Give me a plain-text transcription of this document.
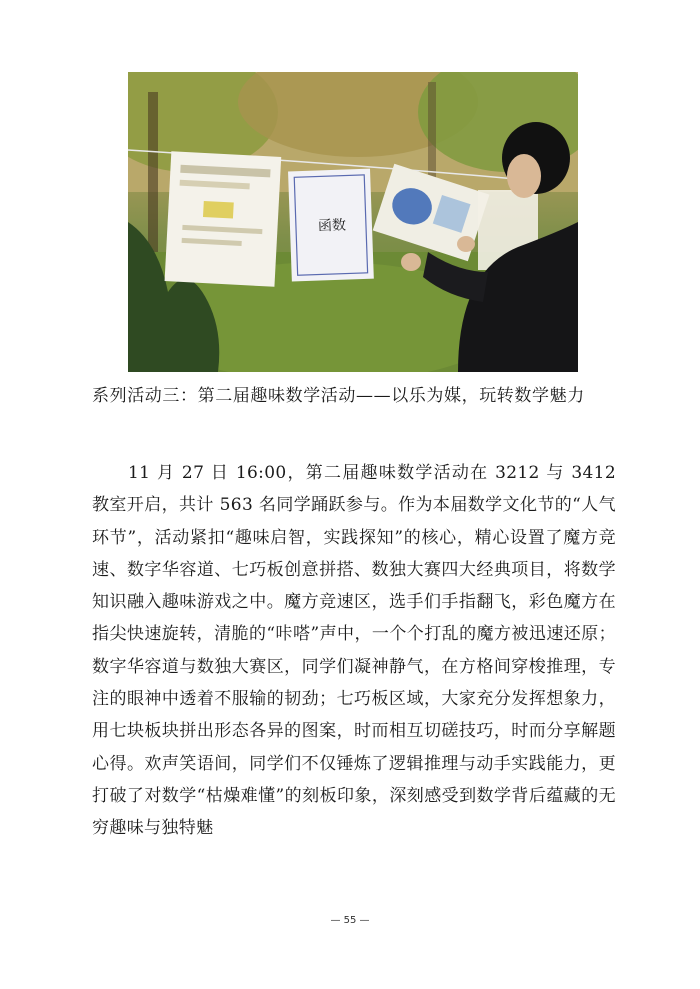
函数
系列活动三：第二届趣味数学活动——以乐为媒，玩转数学魅力
11 月 27 日 16:00，第二届趣味数学活动在 3212 与 3412 教室开启，共计 563 名同学踊跃参与。作为本届数学文化节的“人气环节”，活动紧扣“趣味启智，实践探知”的核心，精心设置了魔方竞速、数字华容道、七巧板创意拼搭、数独大赛四大经典项目，将数学知识融入趣味游戏之中。魔方竞速区，选手们手指翻飞，彩色魔方在指尖快速旋转，清脆的“咔嗒”声中，一个个打乱的魔方被迅速还原；数字华容道与数独大赛区，同学们凝神静气，在方格间穿梭推理，专注的眼神中透着不服输的韧劲；七巧板区域，大家充分发挥想象力，用七块板块拼出形态各异的图案，时而相互切磋技巧，时而分享解题心得。欢声笑语间，同学们不仅锤炼了逻辑推理与动手实践能力，更打破了对数学“枯燥难懂”的刻板印象，深刻感受到数学背后蕴藏的无穷趣味与独特魅
— 55 —
